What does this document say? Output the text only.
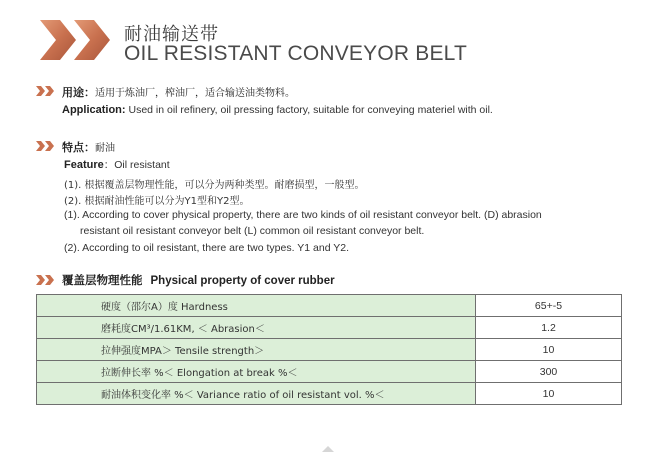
耐油输送带
OIL RESISTANT CONVEYOR BELT
用途：适用于炼油厂，榨油厂，适合输送油类物料。
Application: Used in oil refinery, oil pressing factory, suitable for conveying materiel with oil.
特点：耐油
Feature：Oil resistant
(1). 根据覆盖层物理性能，可以分为两种类型。耐磨损型，一般型。
(2). 根据耐油性能可以分为Y1型和Y2型。
(1). According to cover physical property, there are two kinds of oil resistant conveyor belt. (D) abrasion
resistant oil resistant conveyor belt (L) common oil resistant conveyor belt.
(2). According to oil resistant, there are two types. Y1 and Y2.
覆盖层物理性能 Physical property of cover rubber
硬度（邵尔A）度 Hardness	65+-5
磨耗度CM³/1.61KM, ＜ Abrasion＜	1.2
拉伸强度MPA＞ Tensile strength＞	10
拉断伸长率 %＜ Elongation at break %＜	300
耐油体积变化率 %＜ Variance ratio of oil resistant vol. %＜	10
